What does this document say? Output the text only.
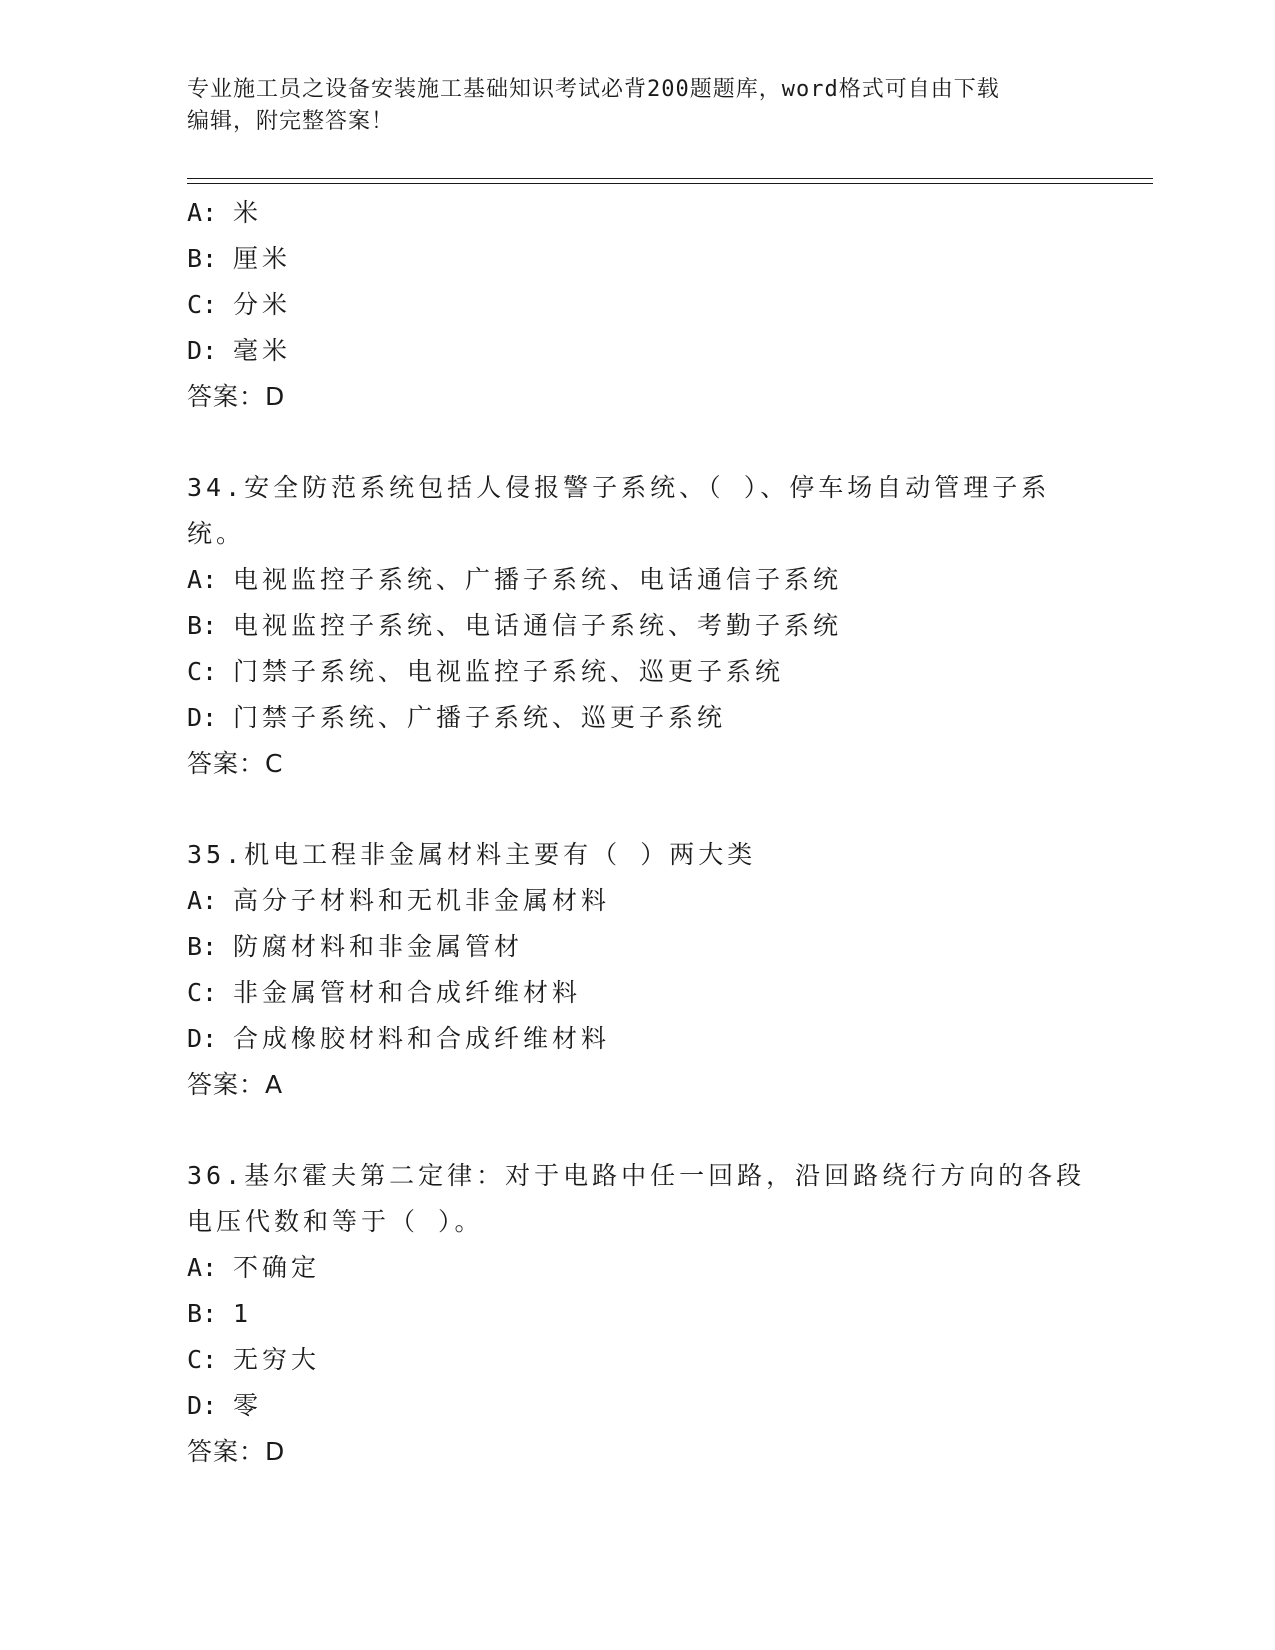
专业施工员之设备安装施工基础知识考试必背200题题库，word格式可自由下载
编辑，附完整答案！
A: 米
B: 厘米
C: 分米
D: 毫米
答案：D
34.安全防范系统包括人侵报警子系统、（ ）、停车场自动管理子系
统。
A: 电视监控子系统、广播子系统、电话通信子系统
B: 电视监控子系统、电话通信子系统、考勤子系统
C: 门禁子系统、电视监控子系统、巡更子系统
D: 门禁子系统、广播子系统、巡更子系统
答案：C
35.机电工程非金属材料主要有（ ）两大类
A: 高分子材料和无机非金属材料
B: 防腐材料和非金属管材
C: 非金属管材和合成纤维材料
D: 合成橡胶材料和合成纤维材料
答案：A
36.基尔霍夫第二定律：对于电路中任一回路，沿回路绕行方向的各段
电压代数和等于（ ）。
A: 不确定
B: 1
C: 无穷大
D: 零
答案：D
